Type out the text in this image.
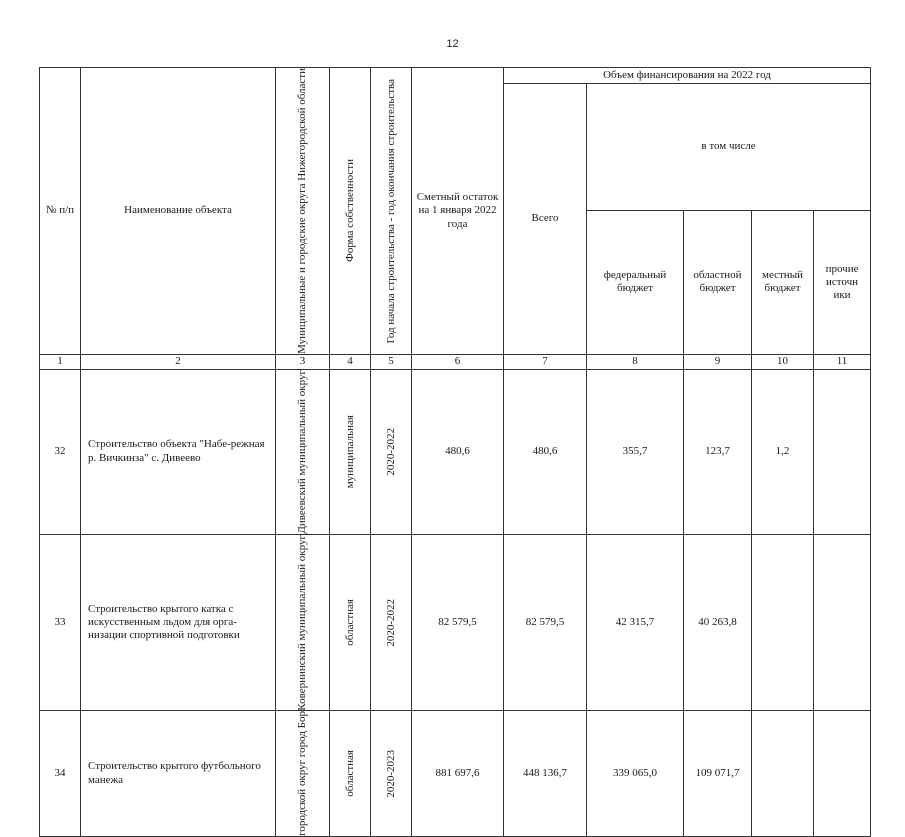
12
№ п/п	Наименование объекта	Муниципальные и городские округа Нижегородской области	Форма собственности	Год начала строительства - год окончания строительства	Сметный остаток на 1 января 2022 года	Объем финансирования на 2022 год				
						Всего	в том числе			
							федеральный бюджет	областной бюджет	местный бюджет	прочие источн ики
1	2	3	4	5	6	7	8	9	10	11
32	Строительство объекта "Набе-режная р. Вичкинза" с. Дивеево	Дивеевский муниципальный округ	муниципальная	2020-2022	480,6	480,6	355,7	123,7	1,2	
33	Строительство крытого катка с искусственным льдом для орга-низации спортивной подготовки	Ковернинский муниципальный округ	областная	2020-2022	82 579,5	82 579,5	42 315,7	40 263,8		
34	Строительство крытого футбольного манежа	городской округ город Бор	областная	2020-2023	881 697,6	448 136,7	339 065,0	109 071,7		
